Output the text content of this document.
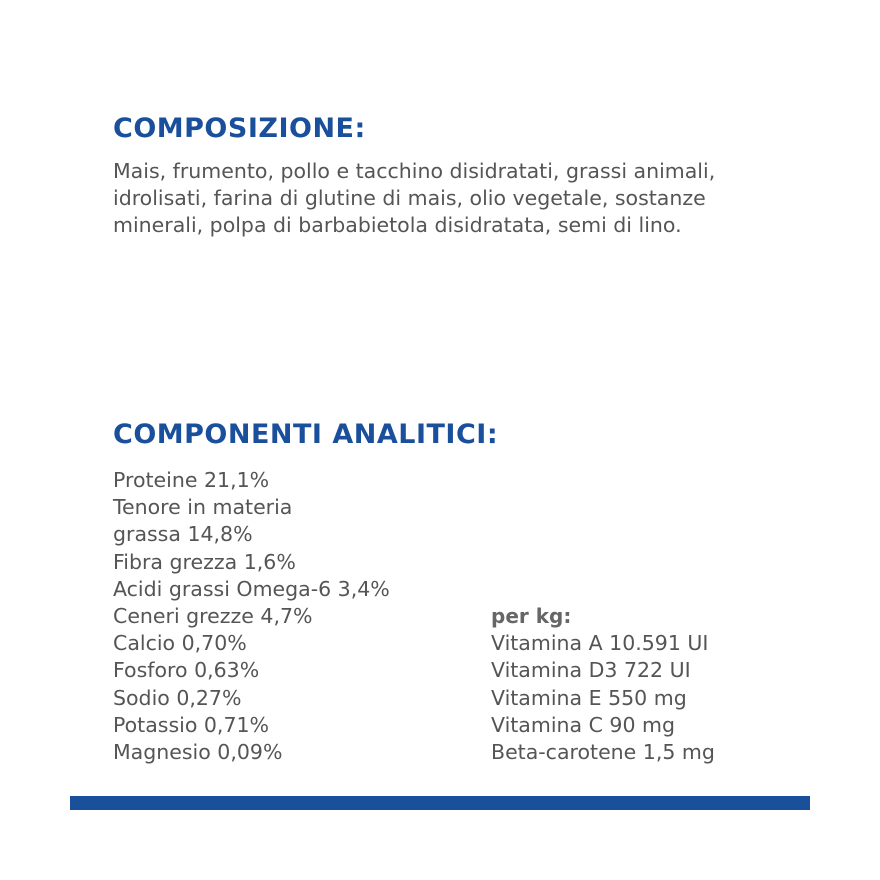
COMPOSIZIONE:

Mais, frumento, pollo e tacchino disidratati, grassi animali, idrolisati, farina di glutine di mais, olio vegetale, sostanze minerali, polpa di barbabietola disidratata, semi di lino.

COMPONENTI ANALITICI:
Proteine 21,1%
Tenore in materia
grassa 14,8%
Fibra grezza 1,6%
Acidi grassi Omega-6 3,4%
Ceneri grezze 4,7%
Calcio 0,70%
Fosforo 0,63%
Sodio 0,27%
Potassio 0,71%
Magnesio 0,09%
per kg:
Vitamina A 10.591 UI
Vitamina D3 722 UI
Vitamina E 550 mg
Vitamina C 90 mg
Beta-carotene 1,5 mg
